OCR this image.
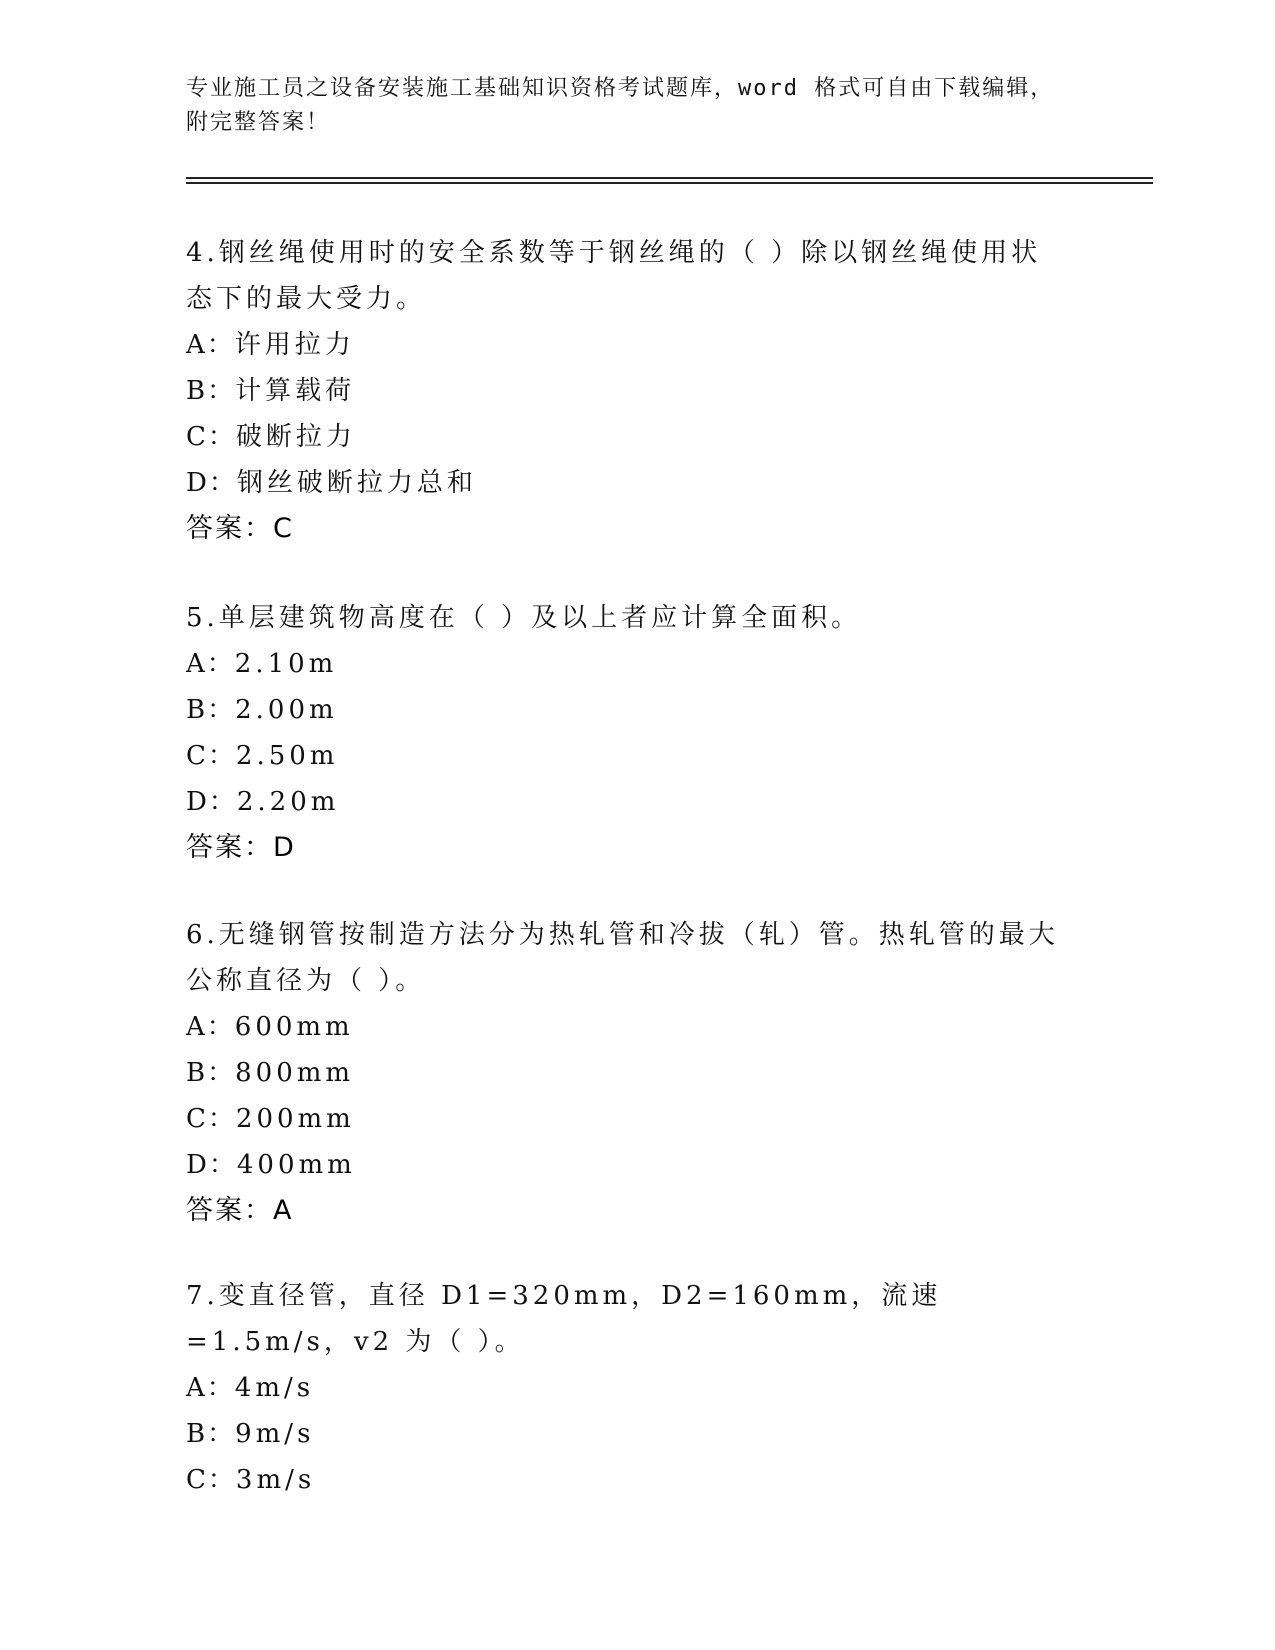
专业施工员之设备安装施工基础知识资格考试题库，word 格式可自由下载编辑，
附完整答案！

4.钢丝绳使用时的安全系数等于钢丝绳的（ ）除以钢丝绳使用状态下的最大受力。

A：许用拉力
B：计算载荷
C：破断拉力
D：钢丝破断拉力总和
答案：C

5.单层建筑物高度在（ ）及以上者应计算全面积。

A：2.10m
B：2.00m
C：2.50m
D：2.20m
答案：D

6.无缝钢管按制造方法分为热轧管和冷拔（轧）管。热轧管的最大公称直径为（ ）。

A：600mm
B：800mm
C：200mm
D：400mm
答案：A

7.变直径管，直径 D1=320mm，D2=160mm，流速=1.5m/s，v2 为（ ）。

A：4m/s
B：9m/s
C：3m/s
